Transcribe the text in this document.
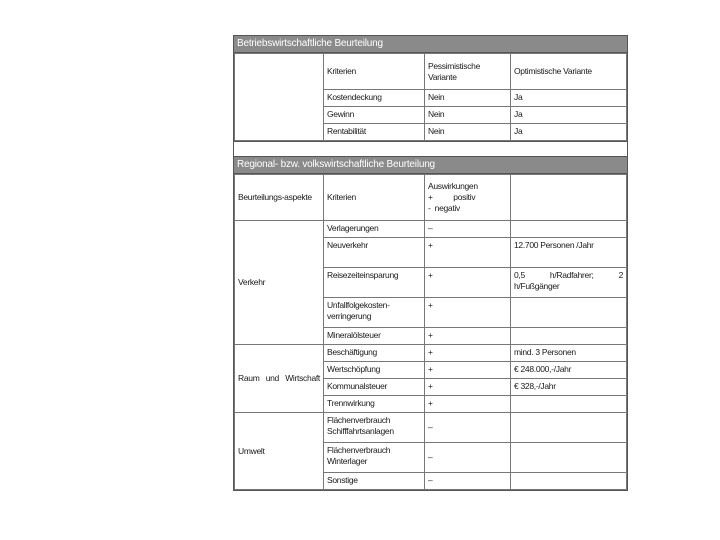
Betriebswirtschaftliche Beurteilung
	Kriterien	Pessimistische Variante	Optimistische Variante
	Kostendeckung	Nein	Ja
	Gewinn	Nein	Ja
	Rentabilität	Nein	Ja
Regional- bzw. volkswirtschaftliche Beurteilung
Beurteilungs-aspekte	Kriterien	Auswirkungen
+          positiv
-  negativ	

Verkehr	Verlagerungen	–	
	Neuverkehr	+	12.700 Personen /Jahr
	Reisezeiteinsparung	+	0,5 h/Radfahrer; 2 h/Fußgänger
	Unfallfolgekosten-verringerung	+	
	Mineralölsteuer	+	
Raum und Wirtschaft	Beschäftigung	+	mind. 3 Personen
	Wertschöpfung	+	€ 248.000,-/Jahr
	Kommunalsteuer	+	€ 328,-/Jahr
	Trennwirkung	+	
Umwelt	Flächenverbrauch Schifffahrtsanlagen	–	
	Flächenverbrauch Winterlager	–	
	Sonstige	–	
